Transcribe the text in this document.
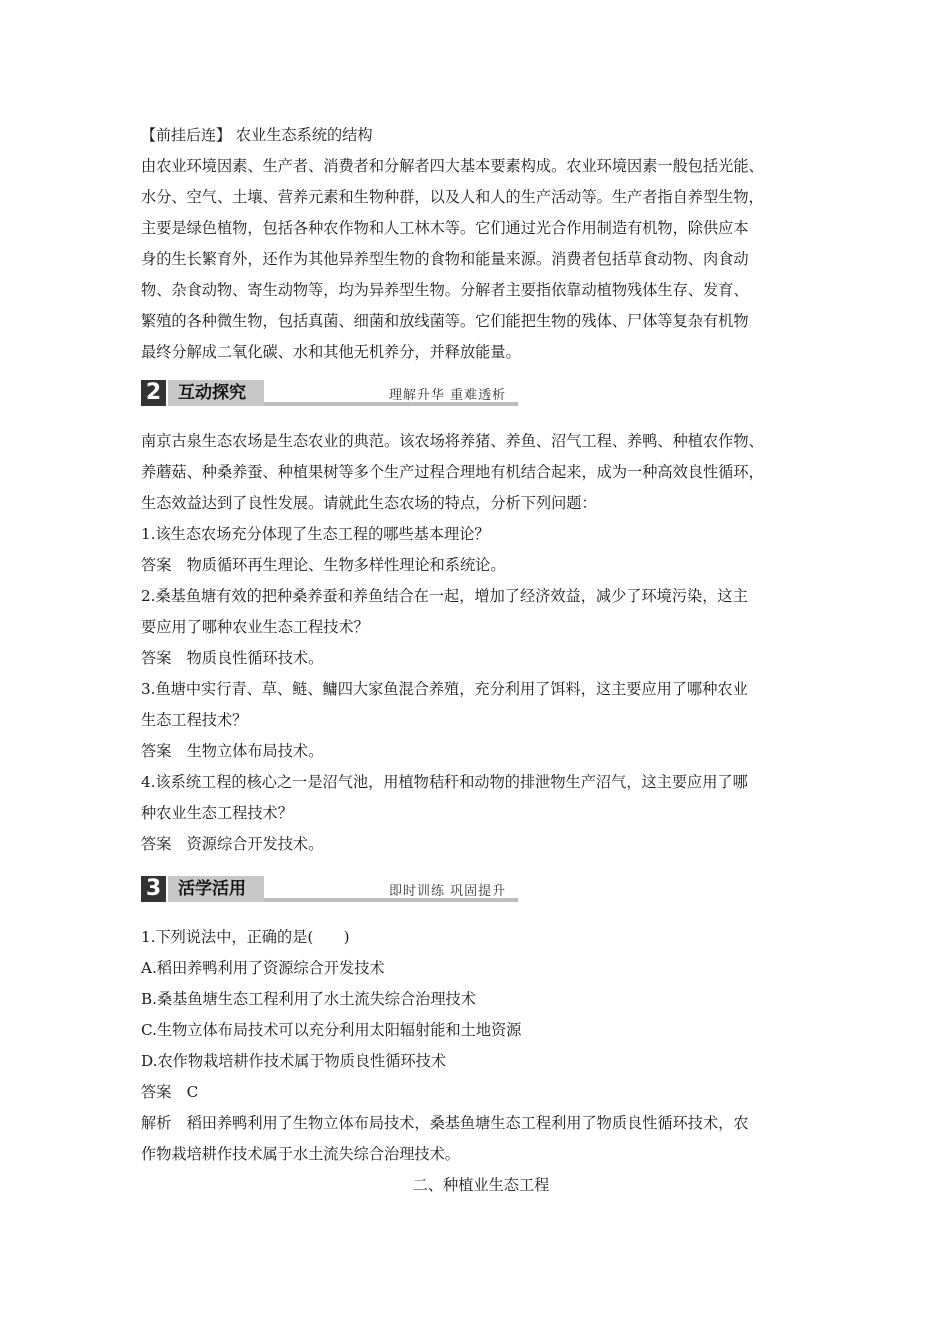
【前挂后连】 农业生态系统的结构

由农业环境因素、生产者、消费者和分解者四大基本要素构成。农业环境因素一般包括光能、

水分、空气、土壤、营养元素和生物种群，以及人和人的生产活动等。生产者指自养型生物，

主要是绿色植物，包括各种农作物和人工林木等。它们通过光合作用制造有机物，除供应本

身的生长繁育外，还作为其他异养型生物的食物和能量来源。消费者包括草食动物、肉食动

物、杂食动物、寄生动物等，均为异养型生物。分解者主要指依靠动植物残体生存、发育、

繁殖的各种微生物，包括真菌、细菌和放线菌等。它们能把生物的残体、尸体等复杂有机物

最终分解成二氧化碳、水和其他无机养分，并释放能量。

2 互动探究	理解升华 重难透析

南京古泉生态农场是生态农业的典范。该农场将养猪、养鱼、沼气工程、养鸭、种植农作物、

养蘑菇、种桑养蚕、种植果树等多个生产过程合理地有机结合起来，成为一种高效良性循环，

生态效益达到了良性发展。请就此生态农场的特点，分析下列问题：

1.该生态农场充分体现了生态工程的哪些基本理论？

答案　物质循环再生理论、生物多样性理论和系统论。

2.桑基鱼塘有效的把种桑养蚕和养鱼结合在一起，增加了经济效益，减少了环境污染，这主

要应用了哪种农业生态工程技术？

答案　物质良性循环技术。

3.鱼塘中实行青、草、鲢、鳙四大家鱼混合养殖，充分利用了饵料，这主要应用了哪种农业

生态工程技术？

答案　生物立体布局技术。

4.该系统工程的核心之一是沼气池，用植物秸秆和动物的排泄物生产沼气，这主要应用了哪

种农业生态工程技术？

答案　资源综合开发技术。

3 活学活用	即时训练 巩固提升

1.下列说法中，正确的是(　　)

A.稻田养鸭利用了资源综合开发技术

B.桑基鱼塘生态工程利用了水土流失综合治理技术

C.生物立体布局技术可以充分利用太阳辐射能和土地资源

D.农作物栽培耕作技术属于物质良性循环技术

答案　C

解析　稻田养鸭利用了生物立体布局技术，桑基鱼塘生态工程利用了物质良性循环技术，农

作物栽培耕作技术属于水土流失综合治理技术。

二、种植业生态工程
